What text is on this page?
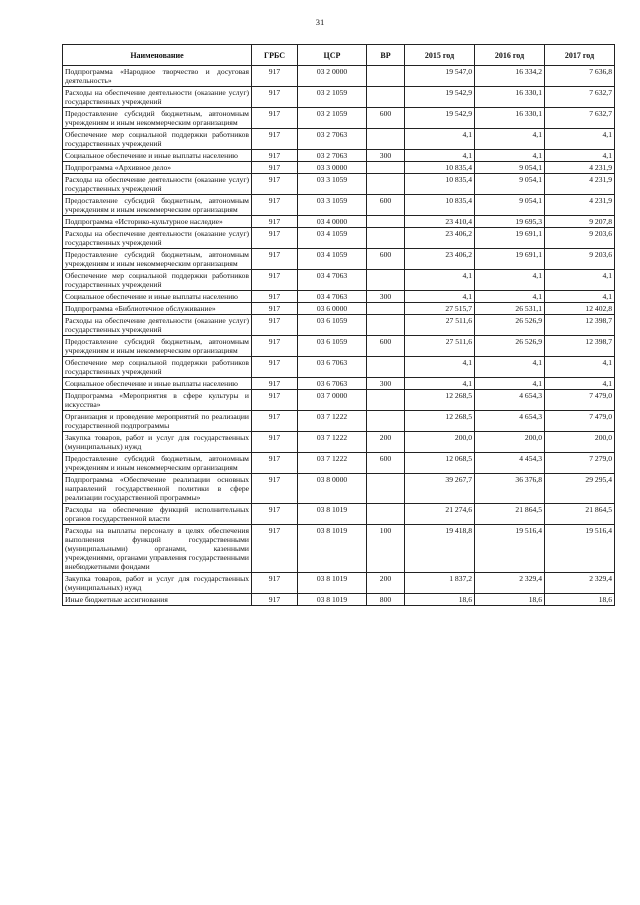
31
Наименование	ГРБС	ЦСР	ВР	2015 год	2016 год	2017 год
Подпрограмма «Народное творчество и досуговая деятельность»	917	03 2 0000		19 547,0	16 334,2	7 636,8
Расходы на обеспечение деятельности (оказание услуг) государственных учреждений	917	03 2 1059		19 542,9	16 330,1	7 632,7
Предоставление субсидий бюджетным, автономным учреждениям и иным некоммерческим организациям	917	03 2 1059	600	19 542,9	16 330,1	7 632,7
Обеспечение мер социальной поддержки работников государственных учреждений	917	03 2 7063		4,1	4,1	4,1
Социальное обеспечение и иные выплаты населению	917	03 2 7063	300	4,1	4,1	4,1
Подпрограмма «Архивное дело»	917	03 3 0000		10 835,4	9 054,1	4 231,9
Расходы на обеспечение деятельности (оказание услуг) государственных учреждений	917	03 3 1059		10 835,4	9 054,1	4 231,9
Предоставление субсидий бюджетным, автономным учреждениям и иным некоммерческим организациям	917	03 3 1059	600	10 835,4	9 054,1	4 231,9
Подпрограмма «Историко-культурное наследие»	917	03 4 0000		23 410,4	19 695,3	9 207,8
Расходы на обеспечение деятельности (оказание услуг) государственных учреждений	917	03 4 1059		23 406,2	19 691,1	9 203,6
Предоставление субсидий бюджетным, автономным учреждениям и иным некоммерческим организациям	917	03 4 1059	600	23 406,2	19 691,1	9 203,6
Обеспечение мер социальной поддержки работников государственных учреждений	917	03 4 7063		4,1	4,1	4,1
Социальное обеспечение и иные выплаты населению	917	03 4 7063	300	4,1	4,1	4,1
Подпрограмма «Библиотечное обслуживание»	917	03 6 0000		27 515,7	26 531,1	12 402,8
Расходы на обеспечение деятельности (оказание услуг) государственных учреждений	917	03 6 1059		27 511,6	26 526,9	12 398,7
Предоставление субсидий бюджетным, автономным учреждениям и иным некоммерческим организациям	917	03 6 1059	600	27 511,6	26 526,9	12 398,7
Обеспечение мер социальной поддержки работников государственных учреждений	917	03 6 7063		4,1	4,1	4,1
Социальное обеспечение и иные выплаты населению	917	03 6 7063	300	4,1	4,1	4,1
Подпрограмма «Мероприятия в сфере культуры и искусства»	917	03 7 0000		12 268,5	4 654,3	7 479,0
Организация и проведение мероприятий по реализации государственной подпрограммы	917	03 7 1222		12 268,5	4 654,3	7 479,0
Закупка товаров, работ и услуг для государственных (муниципальных) нужд	917	03 7 1222	200	200,0	200,0	200,0
Предоставление субсидий бюджетным, автономным учреждениям и иным некоммерческим организациям	917	03 7 1222	600	12 068,5	4 454,3	7 279,0
Подпрограмма «Обеспечение реализации основных направлений государственной политики в сфере реализации государственной программы»	917	03 8 0000		39 267,7	36 376,8	29 295,4
Расходы на обеспечение функций исполнительных органов государственной власти	917	03 8 1019		21 274,6	21 864,5	21 864,5
Расходы на выплаты персоналу в целях обеспечения выполнения функций государственными (муниципальными) органами, казенными учреждениями, органами управления государственными внебюджетными фондами	917	03 8 1019	100	19 418,8	19 516,4	19 516,4
Закупка товаров, работ и услуг для государственных (муниципальных) нужд	917	03 8 1019	200	1 837,2	2 329,4	2 329,4
Иные бюджетные ассигнования	917	03 8 1019	800	18,6	18,6	18,6
